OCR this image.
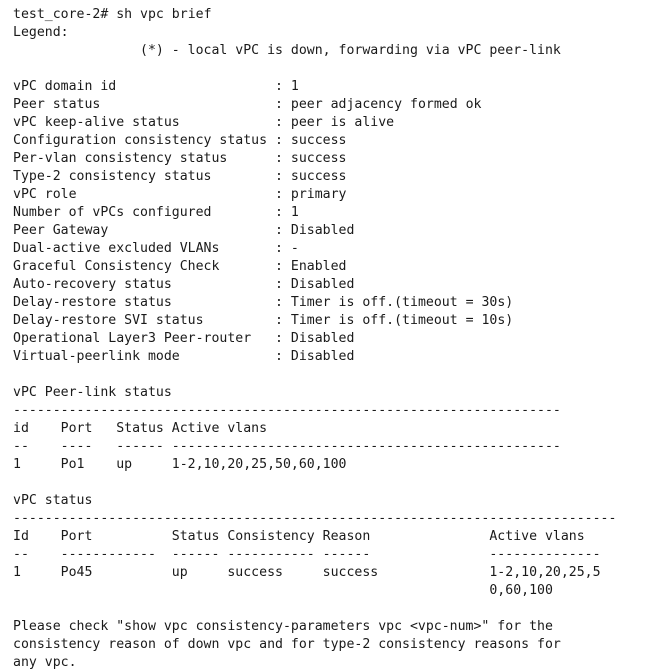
test_core-2# sh vpc brief
Legend:
(*) - local vPC is down, forwarding via vPC peer-link
vPC domain id                    : 1
Peer status                      : peer adjacency formed ok
vPC keep-alive status            : peer is alive
Configuration consistency status : success
Per-vlan consistency status      : success
Type-2 consistency status        : success
vPC role                         : primary
Number of vPCs configured        : 1
Peer Gateway                     : Disabled
Dual-active excluded VLANs       : -
Graceful Consistency Check       : Enabled
Auto-recovery status             : Disabled
Delay-restore status             : Timer is off.(timeout = 30s)
Delay-restore SVI status         : Timer is off.(timeout = 10s)
Operational Layer3 Peer-router   : Disabled
Virtual-peerlink mode            : Disabled
vPC Peer-link status
---------------------------------------------------------------------
id    Port   Status Active vlans
--    ----   ------ -------------------------------------------------
1     Po1    up     1-2,10,20,25,50,60,100
vPC status
----------------------------------------------------------------------------
Id    Port          Status Consistency Reason               Active vlans
--    ------------  ------ ----------- ------               --------------
1     Po45          up     success     success              1-2,10,20,25,5
0,60,100
Please check "show vpc consistency-parameters vpc <vpc-num>" for the
consistency reason of down vpc and for type-2 consistency reasons for
any vpc.
